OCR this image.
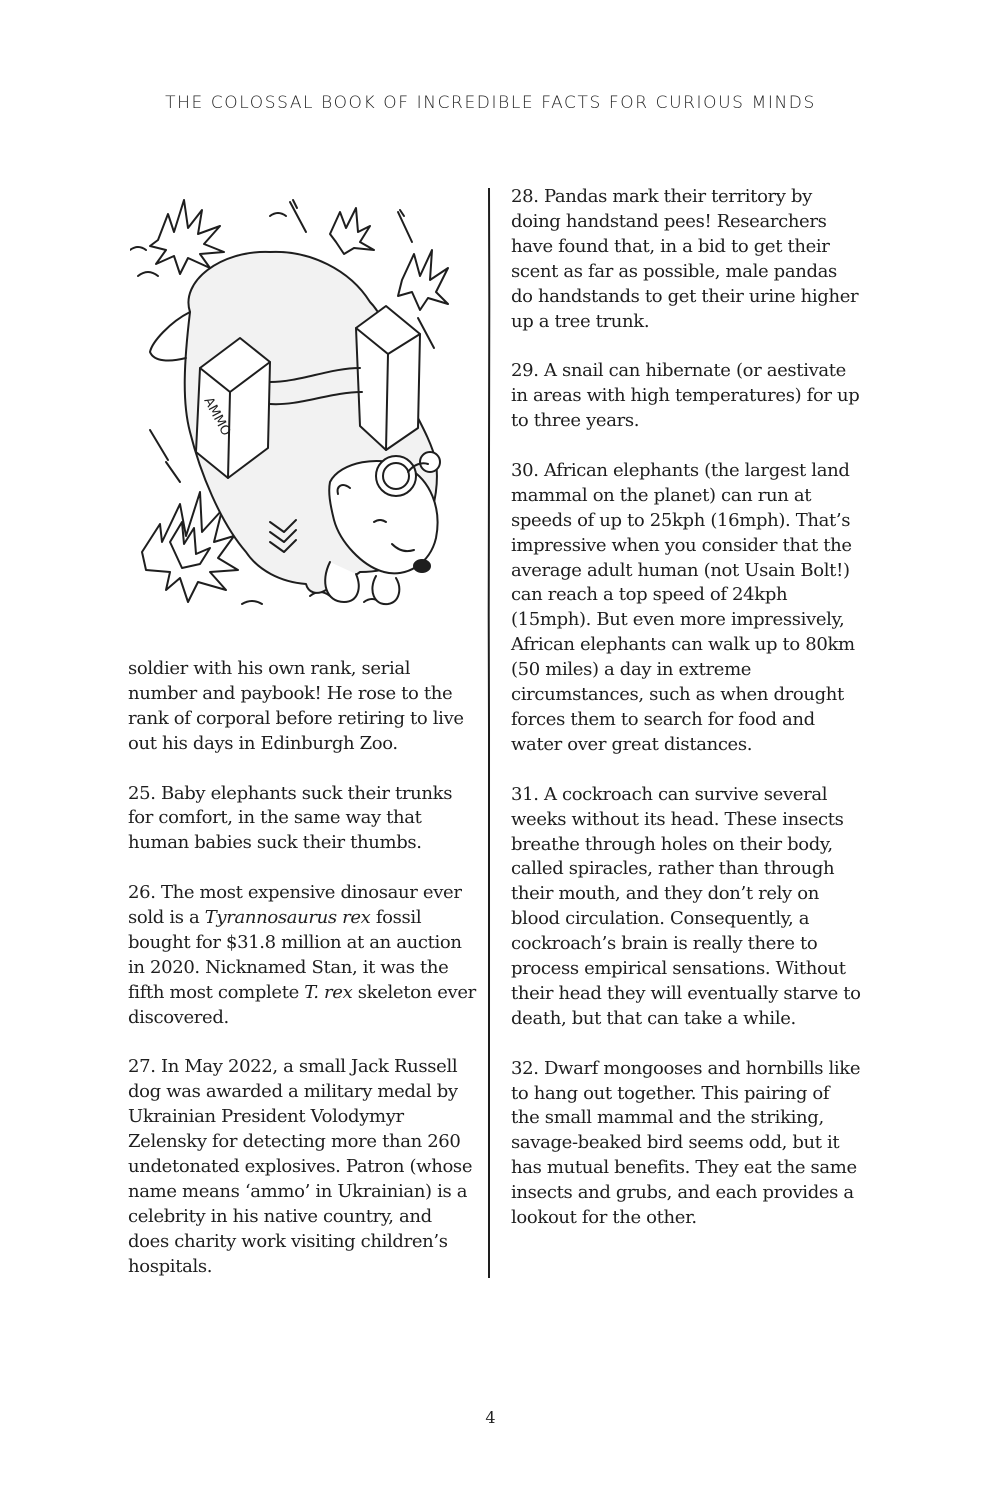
THE COLOSSAL BOOK OF INCREDIBLE FACTS FOR CURIOUS MINDS
AMMO

soldier with his own rank, serial number and paybook! He rose to the rank of corporal before retiring to live out his days in Edinburgh Zoo.

25. Baby elephants suck their trunks for comfort, in the same way that human babies suck their thumbs.

26. The most expensive dinosaur ever sold is a Tyrannosaurus rex fossil bought for $31.8 million at an auction in 2020. Nicknamed Stan, it was the fifth most complete T. rex skeleton ever discovered.

27. In May 2022, a small Jack Russell dog was awarded a military medal by Ukrainian President Volodymyr Zelensky for detecting more than 260 undetonated explosives. Patron (whose name means ‘ammo’ in Ukrainian) is a celebrity in his native country, and does charity work visiting children’s hospitals.

28. Pandas mark their territory by doing handstand pees! Researchers have found that, in a bid to get their scent as far as possible, male pandas do handstands to get their urine higher up a tree trunk.

29. A snail can hibernate (or aestivate in areas with high temperatures) for up to three years.

30. African elephants (the largest land mammal on the planet) can run at speeds of up to 25kph (16mph). That’s impressive when you consider that the average adult human (not Usain Bolt!) can reach a top speed of 24kph (15mph). But even more impressively, African elephants can walk up to 80km (50 miles) a day in extreme circumstances, such as when drought forces them to search for food and water over great distances.

31. A cockroach can survive several weeks without its head. These insects breathe through holes on their body, called spiracles, rather than through their mouth, and they don’t rely on blood circulation. Consequently, a cockroach’s brain is really there to process empirical sensations. Without their head they will eventually starve to death, but that can take a while.

32. Dwarf mongooses and hornbills like to hang out together. This pairing of the small mammal and the striking, savage-beaked bird seems odd, but it has mutual benefits. They eat the same insects and grubs, and each provides a lookout for the other.

4
